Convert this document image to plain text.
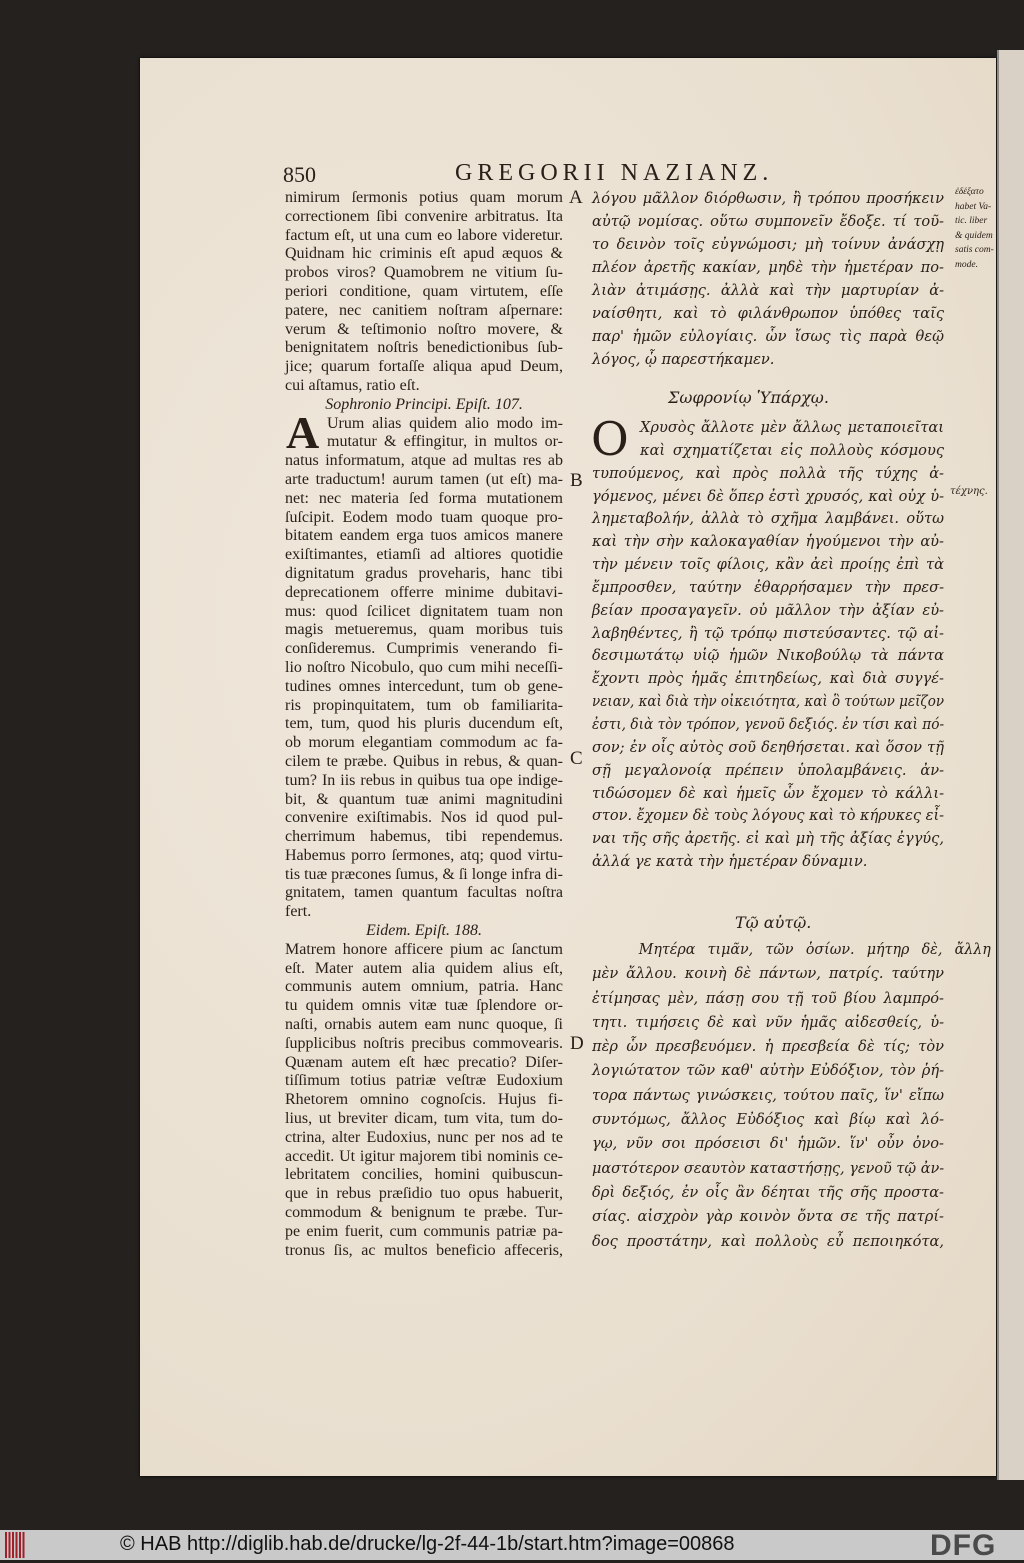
850	GREGORII NAZIANZ.
nimirum ſermonis potius quam morum
correctionem ſibi convenire arbitratus. Ita
factum eſt, ut una cum eo labore videretur.
Quidnam hic criminis eſt apud æquos &
probos viros? Quamobrem ne vitium ſu-
periori conditione, quam virtutem, eſſe
patere, nec canitiem noſtram aſpernare:
verum & teſtimonio noſtro movere, &
benignitatem noſtris benedictionibus ſub-
jice; quarum fortaſſe aliqua apud Deum,
cui aſtamus, ratio eſt.
Sophronio Principi. Epiſt. 107.
Urum alias quidem alio modo im-
mutatur & effingitur, in multos or-
natus informatum, atque ad multas res ab
arte traductum! aurum tamen (ut eſt) ma-
net: nec materia ſed forma mutationem
ſuſcipit. Eodem modo tuam quoque pro-
bitatem eandem erga tuos amicos manere
exiſtimantes, etiamſi ad altiores quotidie
dignitatum gradus proveharis, hanc tibi
deprecationem offerre minime dubitavi-
mus: quod ſcilicet dignitatem tuam non
magis metueremus, quam moribus tuis
conſideremus. Cumprimis venerando fi-
lio noſtro Nicobulo, quo cum mihi neceſſi-
tudines omnes intercedunt, tum ob gene-
ris propinquitatem, tum ob familiarita-
tem, tum, quod his pluris ducendum eſt,
ob morum elegantiam commodum ac fa-
cilem te præbe. Quibus in rebus, & quan-
tum? In iis rebus in quibus tua ope indige-
bit, & quantum tuæ animi magnitudini
convenire exiſtimabis. Nos id quod pul-
cherrimum habemus, tibi rependemus.
Habemus porro ſermones, atq; quod virtu-
tis tuæ præcones ſumus, & ſi longe infra di-
gnitatem, tamen quantum facultas noſtra
fert.
Eidem. Epiſt. 188.
Matrem honore afficere pium ac ſanctum
eſt. Mater autem alia quidem alius eſt,
communis autem omnium, patria. Hanc
tu quidem omnis vitæ tuæ ſplendore or-
naſti, ornabis autem eam nunc quoque, ſi
ſupplicibus noſtris precibus commovearis.
Quænam autem eſt hæc precatio? Diſer-
tiſſimum totius patriæ veſtræ Eudoxium
Rhetorem omnino cognoſcis. Hujus fi-
lius, ut breviter dicam, tum vita, tum do-
ctrina, alter Eudoxius, nunc per nos ad te
accedit. Ut igitur majorem tibi nominis ce-
lebritatem concilies, homini quibuscun-
que in rebus præſidio tuo opus habuerit,
commodum & benignum te præbe. Tur-
pe enim fuerit, cum communis patriæ pa-
tronus ſis, ac multos beneficio affeceris,
A
λόγου μᾶλλον διόρθωσιν, ἢ τρόπου προσήκειν
αὐτῷ νομίσας. οὕτω συμπονεῖν ἔδοξε. τί τοῦ-
το δεινὸν τοῖς εὐγνώμοσι; μὴ τοίνυν ἀνάσχῃ
πλέον ἀρετῆς κακίαν, μηδὲ τὴν ἡμετέραν πο-
λιὰν ἀτιμάσῃς. ἀλλὰ καὶ τὴν μαρτυρίαν ἀ-
ναίσθητι, καὶ τὸ φιλάνθρωπον ὑπόθες ταῖς
παρ' ἡμῶν εὐλογίαις. ὧν ἴσως τὶς παρὰ θεῷ
λόγος, ᾧ παρεστήκαμεν.
Σωφρονίῳ Ὑπάρχῳ.
Χρυσὸς ἄλλοτε μὲν ἄλλως μεταποιεῖται
καὶ σχηματίζεται εἰς πολλοὺς κόσμους
τυπούμενος, καὶ πρὸς πολλὰ τῆς τύχης ἀ-
γόμενος, μένει δὲ ὅπερ ἐστὶ χρυσός, καὶ οὐχ ὑ-
λημεταβολήν, ἀλλὰ τὸ σχῆμα λαμβάνει. οὕτω
καὶ τὴν σὴν καλοκαγαθίαν ἡγούμενοι τὴν αὐ-
τὴν μένειν τοῖς φίλοις, κἂν ἀεὶ προίῃς ἐπὶ τὰ
ἔμπροσθεν, ταύτην ἐθαρρήσαμεν τὴν πρεσ-
βείαν προσαγαγεῖν. οὐ μᾶλλον τὴν ἀξίαν εὐ-
λαβηθέντες, ἢ τῷ τρόπῳ πιστεύσαντες. τῷ αἰ-
δεσιμωτάτῳ υἱῷ ἡμῶν Νικοβούλῳ τὰ πάντα
ἔχοντι πρὸς ἡμᾶς ἐπιτηδείως, καὶ διὰ συγγέ-
νειαν, καὶ διὰ τὴν οἰκειότητα, καὶ ὃ τούτων μεῖζον
ἐστι, διὰ τὸν τρόπον, γενοῦ δεξιός. ἐν τίσι καὶ πό-
σον; ἐν οἷς αὐτὸς σοῦ δεηθήσεται. καὶ ὅσον τῇ
σῇ μεγαλονοίᾳ πρέπειν ὑπολαμβάνεις. ἀν-
τιδώσομεν δὲ καὶ ἡμεῖς ὧν ἔχομεν τὸ κάλλι-
στον. ἔχομεν δὲ τοὺς λόγους καὶ τὸ κήρυκες εἶ-
ναι τῆς σῆς ἀρετῆς. εἰ καὶ μὴ τῆς ἀξίας ἐγγύς,
ἀλλά γε κατὰ τὴν ἡμετέραν δύναμιν.
O
Τῷ αὐτῷ.
Μητέρα τιμᾶν, τῶν ὁσίων. μήτηρ δὲ, ἄλλη
μὲν ἄλλου. κοινὴ δὲ πάντων, πατρίς. ταύτην
ἐτίμησας μὲν, πάσῃ σου τῇ τοῦ βίου λαμπρό-
τητι. τιμήσεις δὲ καὶ νῦν ἡμᾶς αἰδεσθείς, ὑ-
πὲρ ὧν πρεσβευόμεν. ἡ πρεσβεία δὲ τίς; τὸν
λογιώτατον τῶν καθ' αὐτὴν Εὐδόξιον, τὸν ῥή-
τορα πάντως γινώσκεις, τούτου παῖς, ἵν' εἴπω
συντόμως, ἄλλος Εὐδόξιος καὶ βίῳ καὶ λό-
γῳ, νῦν σοι πρόσεισι δι' ἡμῶν. ἵν' οὖν ὀνο-
μαστότερον σεαυτὸν καταστήσῃς, γενοῦ τῷ ἀν-
δρὶ δεξιός, ἐν οἷς ἂν δέηται τῆς σῆς προστα-
σίας. αἰσχρὸν γὰρ κοινὸν ὄντα σε τῆς πατρί-
δος προστάτην, καὶ πολλοὺς εὖ πεποιηκότα,
A
B
C
D
ἐδέξατο
habet Va-
tic. liber
& quidem
satis com-
mode.
τέχνης.
© HAB http://diglib.hab.de/drucke/lg-2f-44-1b/start.htm?image=00868	DFG
